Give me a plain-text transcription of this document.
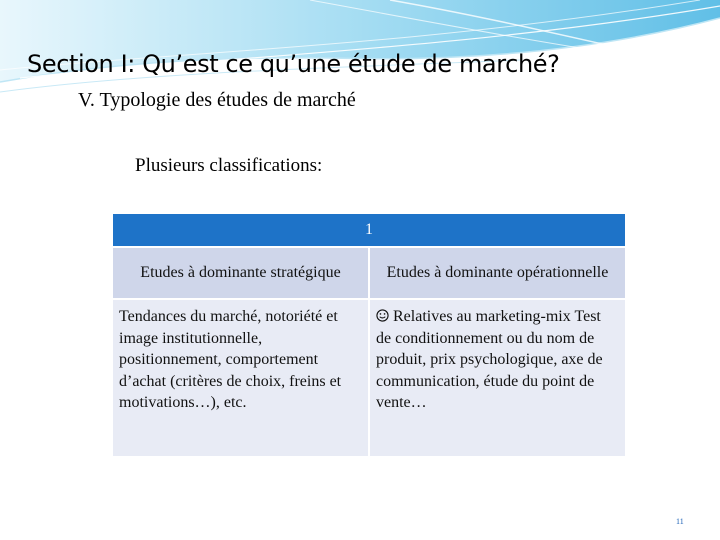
Section I: Qu’est ce qu’une étude de marché?

V. Typologie des études de marché

Plusieurs classifications:

1	
Etudes à dominante stratégique	Etudes à dominante opérationnelle
Tendances du marché, notoriété et image institutionnelle, positionnement, comportement d’achat (critères de choix, freins et motivations…), etc.	Relatives au marketing-mix Test de conditionnement ou du nom de produit, prix psychologique, axe de communication, étude du point de vente…
11
